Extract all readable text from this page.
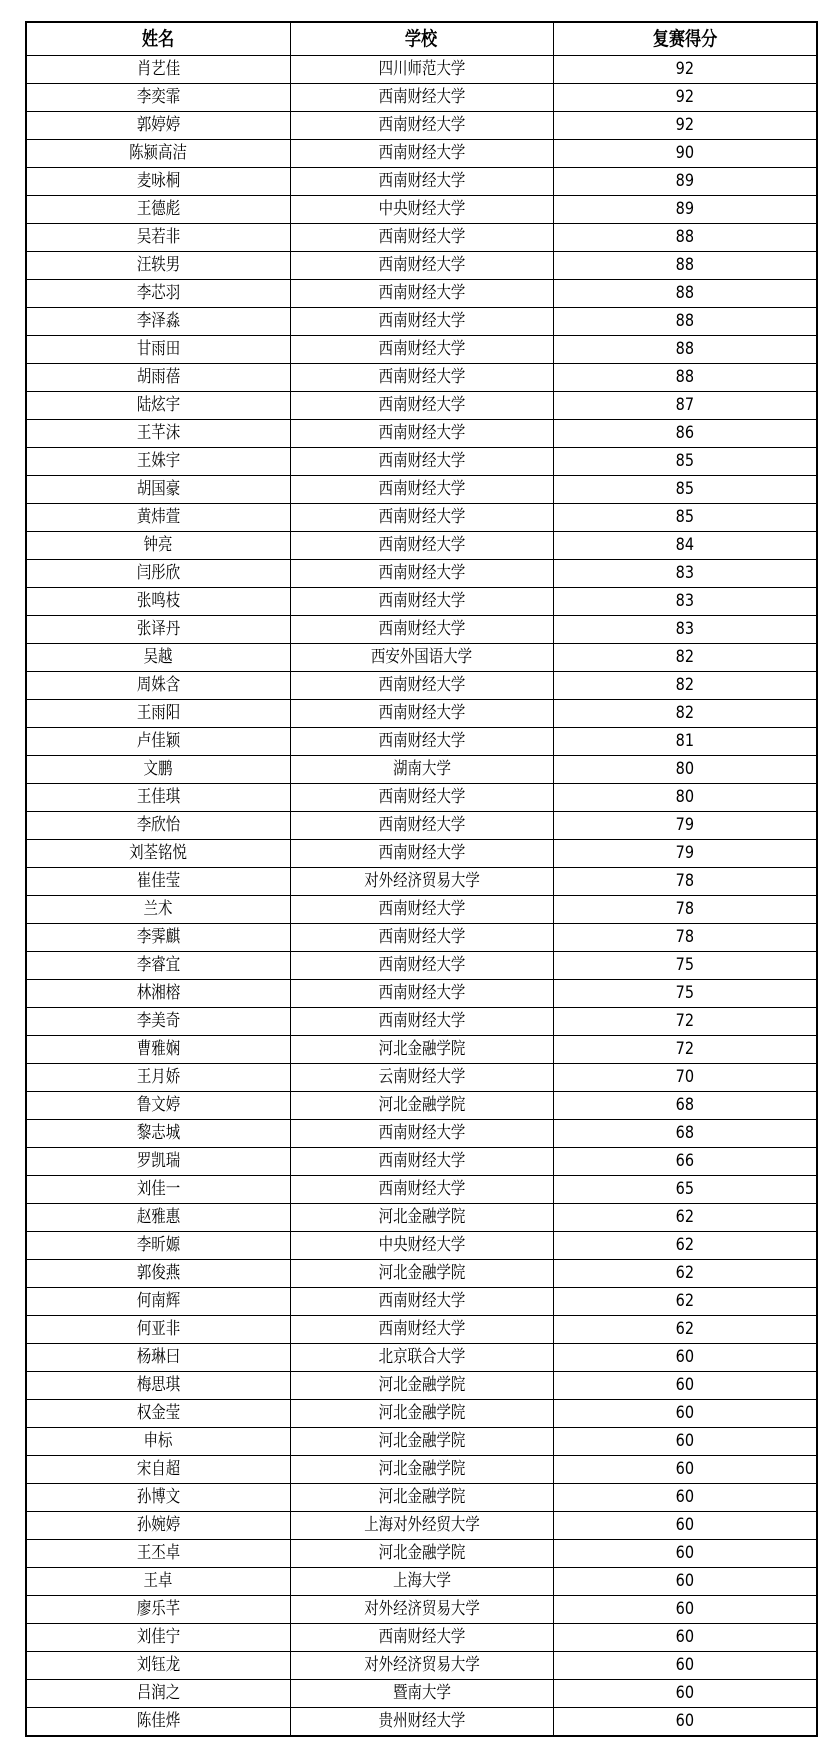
姓名	学校	复赛得分
肖艺佳	四川师范大学	92
李奕霏	西南财经大学	92
郭婷婷	西南财经大学	92
陈颍高洁	西南财经大学	90
麦咏桐	西南财经大学	89
王德彪	中央财经大学	89
吴若非	西南财经大学	88
汪轶男	西南财经大学	88
李芯羽	西南财经大学	88
李泽淼	西南财经大学	88
甘雨田	西南财经大学	88
胡雨蓓	西南财经大学	88
陆炫宇	西南财经大学	87
王芊沫	西南财经大学	86
王姝宇	西南财经大学	85
胡国豪	西南财经大学	85
黄炜萱	西南财经大学	85
钟亮	西南财经大学	84
闫彤欣	西南财经大学	83
张鸣枝	西南财经大学	83
张译丹	西南财经大学	83
吴越	西安外国语大学	82
周姝含	西南财经大学	82
王雨阳	西南财经大学	82
卢佳颖	西南财经大学	81
文鹏	湖南大学	80
王佳琪	西南财经大学	80
李欣怡	西南财经大学	79
刘荃铭悦	西南财经大学	79
崔佳莹	对外经济贸易大学	78
兰术	西南财经大学	78
李霁麒	西南财经大学	78
李睿宜	西南财经大学	75
林湘榕	西南财经大学	75
李美奇	西南财经大学	72
曹雅娴	河北金融学院	72
王月娇	云南财经大学	70
鲁文婷	河北金融学院	68
黎志城	西南财经大学	68
罗凯瑞	西南财经大学	66
刘佳一	西南财经大学	65
赵雅惠	河北金融学院	62
李昕嫄	中央财经大学	62
郭俊燕	河北金融学院	62
何南辉	西南财经大学	62
何亚非	西南财经大学	62
杨琳曰	北京联合大学	60
梅思琪	河北金融学院	60
权金莹	河北金融学院	60
申标	河北金融学院	60
宋自超	河北金融学院	60
孙博文	河北金融学院	60
孙婉婷	上海对外经贸大学	60
王丕卓	河北金融学院	60
王卓	上海大学	60
廖乐芊	对外经济贸易大学	60
刘佳宁	西南财经大学	60
刘钰龙	对外经济贸易大学	60
吕润之	暨南大学	60
陈佳烨	贵州财经大学	60
